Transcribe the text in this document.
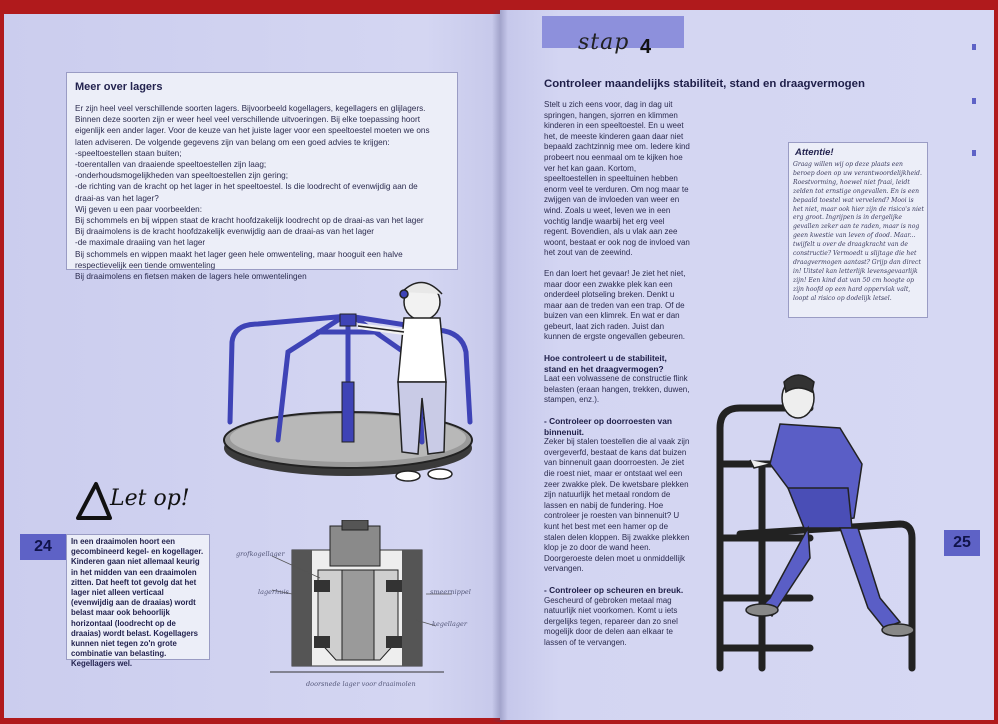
Meer over lagers

Er zijn heel veel verschillende soorten lagers. Bijvoorbeeld kogellagers, kegellagers en glijlagers.

Binnen deze soorten zijn er weer heel veel verschillende uitvoeringen. Bij elke toepassing hoort

eigenlijk een ander lager. Voor de keuze van het juiste lager voor een speeltoestel moeten we ons

laten adviseren. De volgende gegevens zijn van belang om een goed advies te krijgen:

-speeltoestellen staan buiten;

-toerentallen van draaiende speeltoestellen zijn laag;

-onderhoudsmogelijkheden van speeltoestellen zijn gering;

-de richting van de kracht op het lager in het speeltoestel. Is die loodrecht of evenwijdig aan de

draai-as van het lager?

Wij geven u een paar voorbeelden:

Bij schommels en bij wippen staat de kracht hoofdzakelijk loodrecht op de draai-as van het lager

Bij draaimolens is de kracht hoofdzakelijk evenwijdig aan de draai-as van het lager

-de maximale draaiing van het lager

Bij schommels en wippen maakt het lager geen hele omwenteling, maar hooguit een halve

respectievelijk een tiende omwenteling

Bij draaimolens en fietsen maken de lagers hele omwentelingen

Let op!
24	In een draaimolen hoort een gecombineerd kegel- en kogellager. Kinderen gaan niet allemaal keurig in het midden van een draaimolen zitten. Dat heeft tot gevolg dat het lager niet alleen verticaal (evenwijdig aan de draaias) wordt belast maar ook behoorlijk horizontaal (loodrecht op de draaias) wordt belast. Kogellagers kunnen niet tegen zo'n grote combinatie van belasting. Kegellagers wel.
grofkogellager
lagerhuis	smeernippel
kegellager
doorsnede lager voor draaimolen
stap 4
Controleer maandelijks stabiliteit, stand en draagvermogen

Stelt u zich eens voor, dag in dag uit springen, hangen, sjorren en klimmen kinderen in een speeltoestel. En u weet het, de meeste kinderen gaan daar niet bepaald zachtzinnig mee om. Iedere kind probeert nou eenmaal om te kijken hoe ver het kan gaan. Kortom, speeltoestellen in speeltuinen hebben enorm veel te verduren. Om nog maar te zwijgen van de invloeden van weer en wind. Zoals u weet, leven we in een vochtig landje waarbij het erg veel regent. Bovendien, als u vlak aan zee woont, bestaat er ook nog de invloed van het zout van de zeewind.

En dan loert het gevaar! Je ziet het niet, maar door een zwakke plek kan een onderdeel plotseling breken. Denkt u maar aan de treden van een trap. Of de buizen van een klimrek. En wat er dan gebeurt, laat zich raden. Juist dan kunnen de ergste ongevallen gebeuren.

Hoe controleert u de stabiliteit, stand en het draagvermogen?

Laat een volwassene de constructie flink belasten (eraan hangen, trekken, duwen, stampen, enz.).

- Controleer op doorroesten van binnenuit.

Zeker bij stalen toestellen die al vaak zijn overgeverfd, bestaat de kans dat buizen van binnenuit gaan doorroesten. Je ziet die roest niet, maar er ontstaat wel een zeer zwakke plek. De kwetsbare plekken zijn natuurlijk het metaal rondom de lassen en nabij de fundering. Hoe controleer je roesten van binnenuit? U kunt het best met een hamer op de stalen delen kloppen. Bij zwakke plekken klop je zo door de wand heen. Doorgeroeste delen moet u onmiddellijk vervangen.

- Controleer op scheuren en breuk.

Gescheurd of gebroken metaal mag natuurlijk niet voorkomen. Komt u iets dergelijks tegen, repareer dan zo snel mogelijk door de delen aan elkaar te lassen of te vervangen.

Attentie!
Graag willen wij op deze plaats een beroep doen op uw verantwoordelijkheid. Roestvorming, hoewel niet fraai, leidt zelden tot ernstige ongevallen. En is een bepaald toestel wat vervelend? Mooi is het niet, maar ook hier zijn de risico's niet erg groot. Ingrijpen is in dergelijke gevallen zeker aan te raden, maar is nog geen kwestie van leven of dood. Maar... twijfelt u over de draagkracht van de constructie? Vermoedt u slijtage die het draagvermogen aantast? Grijp dan direct in! Uitstel kan letterlijk levensgevaarlijk zijn! Een kind dat van 50 cm hoogte op zijn hoofd op een hard oppervlak valt, loopt al risico op dodelijk letsel.
25
